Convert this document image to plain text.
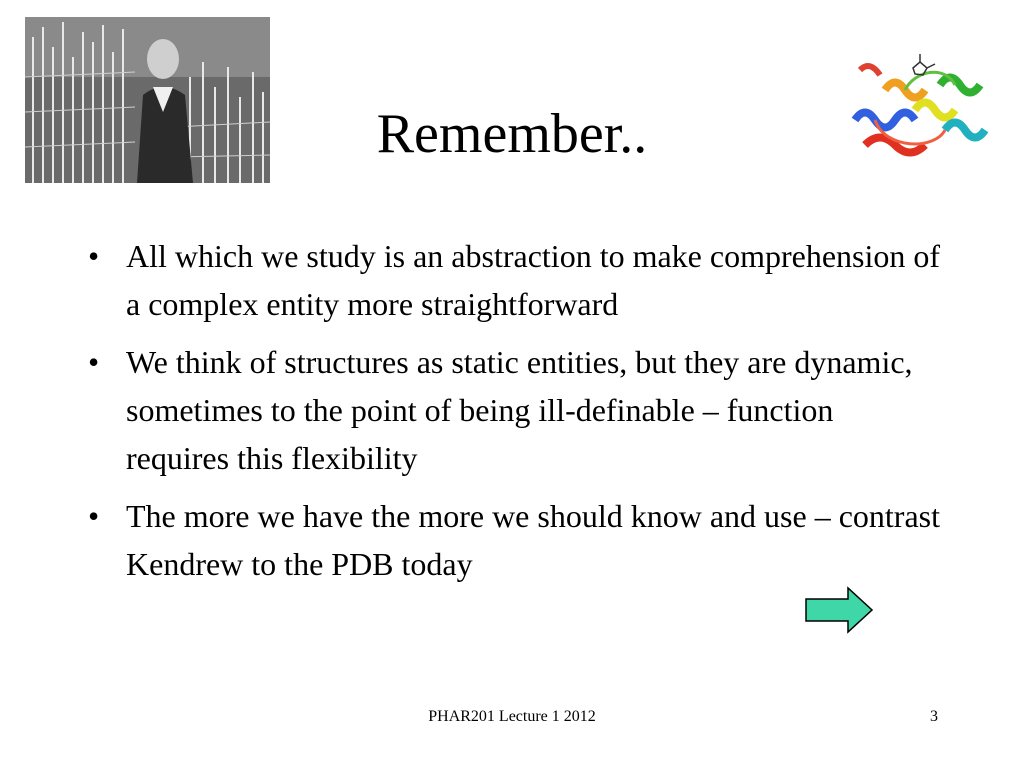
Remember..
• All which we study is an abstraction to make comprehension of a complex entity more straightforward
• We think of structures as static entities, but they are dynamic, sometimes to the point of being ill-definable – function requires this flexibility
• The more we have the more we should know and use – contrast Kendrew to the PDB today
PHAR201 Lecture 1 2012	3
